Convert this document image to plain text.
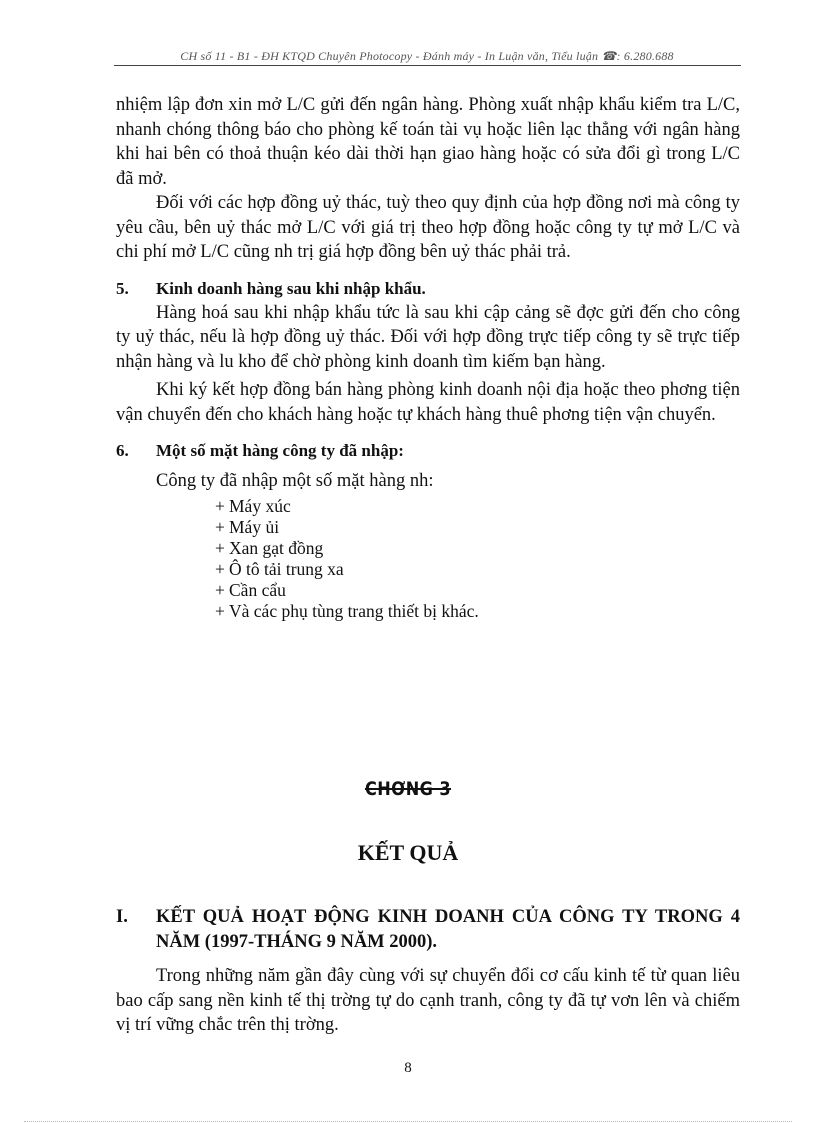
CH số 11 - B1 - ĐH KTQD Chuyên Photocopy - Đánh máy - In Luận văn, Tiểu luận ☎: 6.280.688

nhiệm lập đơn xin mở L/C gửi đến ngân hàng. Phòng xuất nhập khẩu kiểm tra L/C, nhanh chóng thông báo cho phòng kế toán tài vụ hoặc liên lạc thẳng với ngân hàng khi hai bên có thoả thuận kéo dài thời hạn giao hàng hoặc có sửa đổi gì trong L/C đã mở.

Đối với các hợp đồng uỷ thác, tuỳ theo quy định của hợp đồng nơi mà công ty yêu cầu, bên uỷ thác mở L/C với giá trị theo hợp đồng hoặc công ty tự mở L/C và chi phí mở L/C cũng nh trị giá hợp đồng bên uỷ thác phải trả.

5.	Kinh doanh hàng sau khi nhập khẩu.

Hàng hoá sau khi nhập khẩu tức là sau khi cập cảng sẽ đợc gửi đến cho công ty uỷ thác, nếu là hợp đồng uỷ thác. Đối với hợp đồng trực tiếp công ty sẽ trực tiếp nhận hàng và lu kho để chờ phòng kinh doanh tìm kiếm bạn hàng.

Khi ký kết hợp đồng bán hàng phòng kinh doanh nội địa hoặc theo phơng tiện vận chuyển đến cho khách hàng hoặc tự khách hàng thuê phơng tiện vận chuyển.

6.	Một số mặt hàng công ty đã nhập:

Công ty đã nhập một số mặt hàng nh:

+ Máy xúc
+ Máy ủi
+ Xan gạt đồng
+ Ô tô tải trung xa
+ Cần cẩu
+ Và các phụ tùng trang thiết bị khác.
CHƠNG 3
KẾT QUẢ
I.	KẾT QUẢ HOẠT ĐỘNG KINH DOANH CỦA CÔNG TY TRONG 4 NĂM (1997-THÁNG 9 NĂM 2000).

Trong những năm gần đây cùng với sự chuyển đổi cơ cấu kinh tế từ quan liêu bao cấp sang nền kinh tế thị trờng tự do cạnh tranh, công ty đã tự vơn lên và chiếm vị trí vững chắc trên thị trờng.

8
